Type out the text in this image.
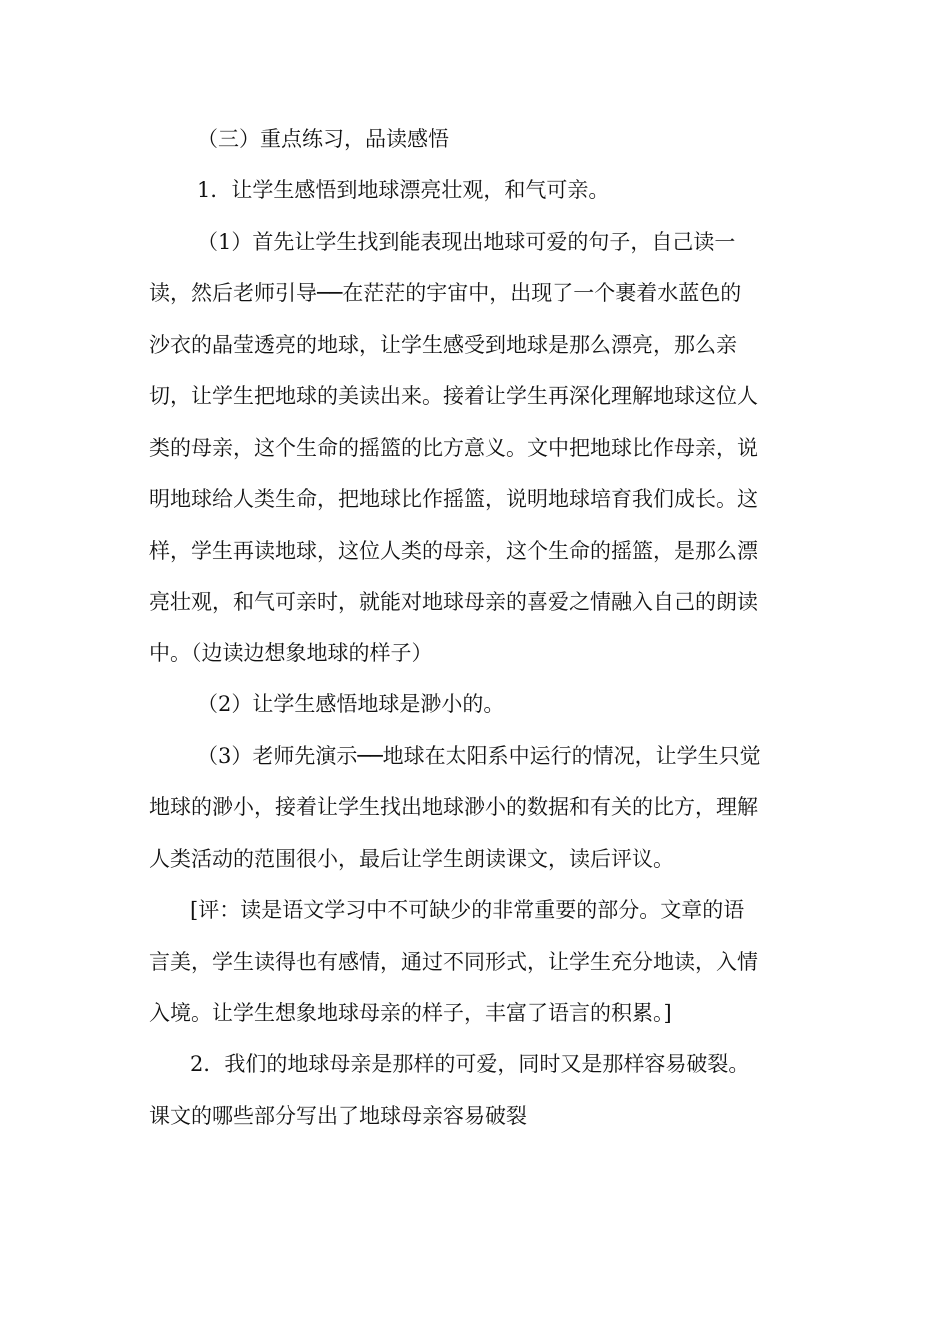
（三）重点练习，品读感悟
1．让学生感悟到地球漂亮壮观，和气可亲。
（1）首先让学生找到能表现出地球可爱的句子，自己读一
读，然后老师引导──在茫茫的宇宙中，出现了一个裹着水蓝色的
沙衣的晶莹透亮的地球，让学生感受到地球是那么漂亮，那么亲
切，让学生把地球的美读出来。接着让学生再深化理解地球这位人
类的母亲，这个生命的摇篮的比方意义。文中把地球比作母亲，说
明地球给人类生命，把地球比作摇篮，说明地球培育我们成长。这
样，学生再读地球，这位人类的母亲，这个生命的摇篮，是那么漂
亮壮观，和气可亲时，就能对地球母亲的喜爱之情融入自己的朗读
中。（边读边想象地球的样子）
（2）让学生感悟地球是渺小的。
（3）老师先演示──地球在太阳系中运行的情况，让学生只觉
地球的渺小，接着让学生找出地球渺小的数据和有关的比方，理解
人类活动的范围很小，最后让学生朗读课文，读后评议。
[评：读是语文学习中不可缺少的非常重要的部分。文章的语
言美，学生读得也有感情，通过不同形式，让学生充分地读，入情
入境。让学生想象地球母亲的样子，丰富了语言的积累。]
2．我们的地球母亲是那样的可爱，同时又是那样容易破裂。
课文的哪些部分写出了地球母亲容易破裂
